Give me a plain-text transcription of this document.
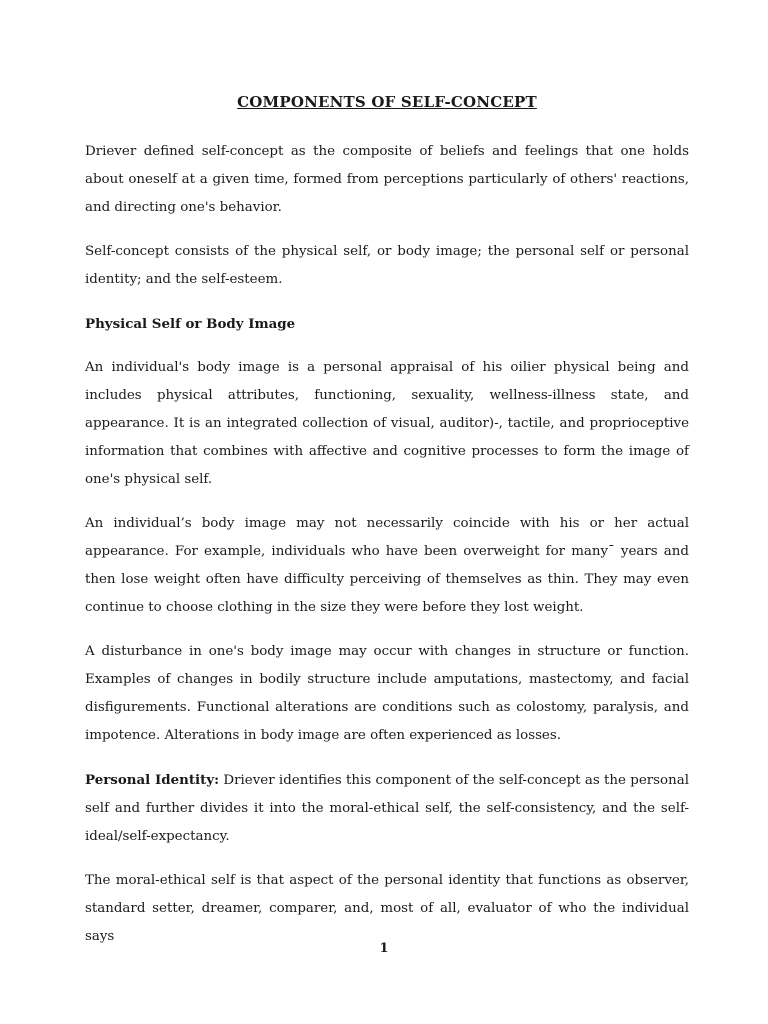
COMPONENTS OF SELF-CONCEPT

Driever defined self-concept as the composite of beliefs and feelings that one holds about oneself at a given time, formed from perceptions particularly of others' reactions, and directing one's behavior.

Self-concept consists of the physical self, or body image; the personal self or personal identity; and the self-esteem.

Physical Self or Body Image

An individual's body image is a personal appraisal of his oilier physical being and includes physical attributes, functioning, sexuality, wellness-illness state, and appearance. It is an integrated collection of visual, auditor)-, tactile, and proprioceptive information that combines with affective and cognitive processes to form the image of one's physical self.

An individual’s body image may not necessarily coincide with his or her actual appearance. For example, individuals who have been overweight for manyˉ years and then lose weight often have difficulty perceiving of themselves as thin. They may even continue to choose clothing in the size they were before they lost weight.

A disturbance in one's body image may occur with changes in structure or function. Examples of changes in bodily structure include amputations, mastectomy, and facial disfigurements. Functional alterations are conditions such as colostomy, paralysis, and impotence. Alterations in body image are often experienced as losses.

Personal Identity: Driever identifies this component of the self-concept as the personal self and further divides it into the moral-ethical self, the self-consistency, and the self-ideal/self-expectancy.

The moral-ethical self is that aspect of the personal identity that functions as observer, standard setter, dreamer, comparer, and, most of all, evaluator of who the individual says

1
